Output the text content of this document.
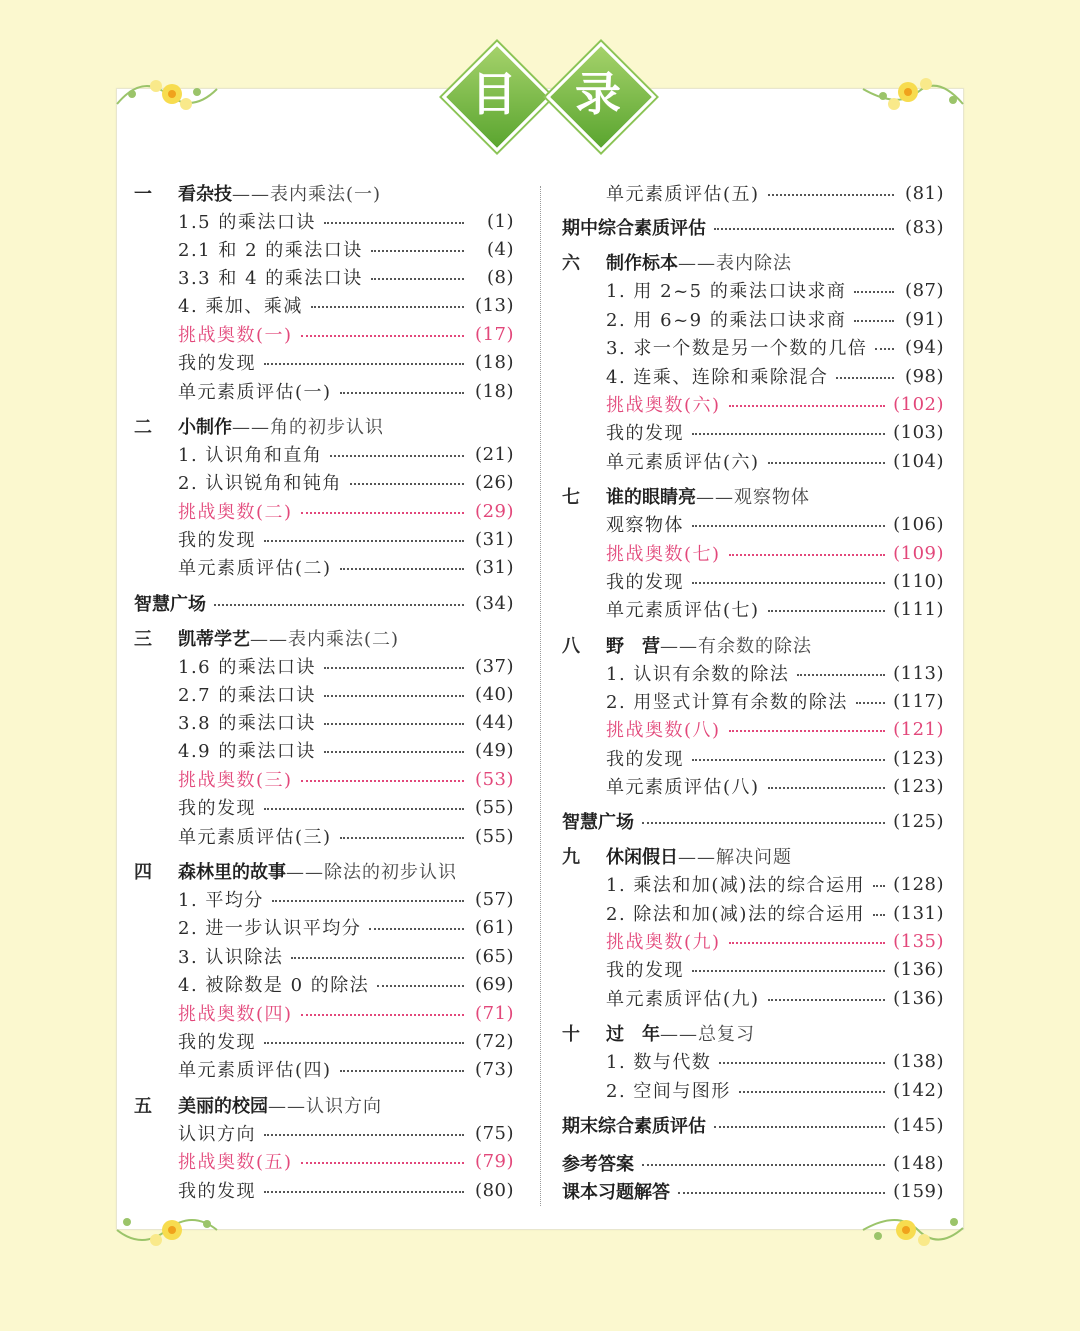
目	录
一	看杂技 ——表内乘法(一)
1.5 的乘法口诀	(1)
2.1 和 2 的乘法口诀	(4)
3.3 和 4 的乘法口诀	(8)
4. 乘加、乘减	(13)
挑战奥数(一)	(17)
我的发现	(18)
单元素质评估(一)	(18)
二	小制作 ——角的初步认识
1. 认识角和直角	(21)
2. 认识锐角和钝角	(26)
挑战奥数(二)	(29)
我的发现	(31)
单元素质评估(二)	(31)
智慧广场	(34)
三	凯蒂学艺 ——表内乘法(二)
1.6 的乘法口诀	(37)
2.7 的乘法口诀	(40)
3.8 的乘法口诀	(44)
4.9 的乘法口诀	(49)
挑战奥数(三)	(53)
我的发现	(55)
单元素质评估(三)	(55)
四	森林里的故事 ——除法的初步认识
1. 平均分	(57)
2. 进一步认识平均分	(61)
3. 认识除法	(65)
4. 被除数是 0 的除法	(69)
挑战奥数(四)	(71)
我的发现	(72)
单元素质评估(四)	(73)
五	美丽的校园 ——认识方向
认识方向	(75)
挑战奥数(五)	(79)
我的发现	(80)
单元素质评估(五)	(81)
期中综合素质评估	(83)
六	制作标本 ——表内除法
1. 用 2~5 的乘法口诀求商	(87)
2. 用 6~9 的乘法口诀求商	(91)
3. 求一个数是另一个数的几倍 (94)
4. 连乘、连除和乘除混合	(98)
挑战奥数(六)	(102)
我的发现	(103)
单元素质评估(六)	(104)
七	谁的眼睛亮 ——观察物体
观察物体	(106)
挑战奥数(七)	(109)
我的发现	(110)
单元素质评估(七)	(111)
八	野　营 ——有余数的除法
1. 认识有余数的除法	(113)
2. 用竖式计算有余数的除法	(117)
挑战奥数(八)	(121)
我的发现	(123)
单元素质评估(八)	(123)
智慧广场	(125)
九	休闲假日 ——解决问题
1. 乘法和加(减)法的综合运用 (128)
2. 除法和加(减)法的综合运用 (131)
挑战奥数(九)	(135)
我的发现	(136)
单元素质评估(九)	(136)
十	过　年 ——总复习
1. 数与代数	(138)
2. 空间与图形	(142)
期末综合素质评估	(145)
参考答案	(148)
课本习题解答	(159)
